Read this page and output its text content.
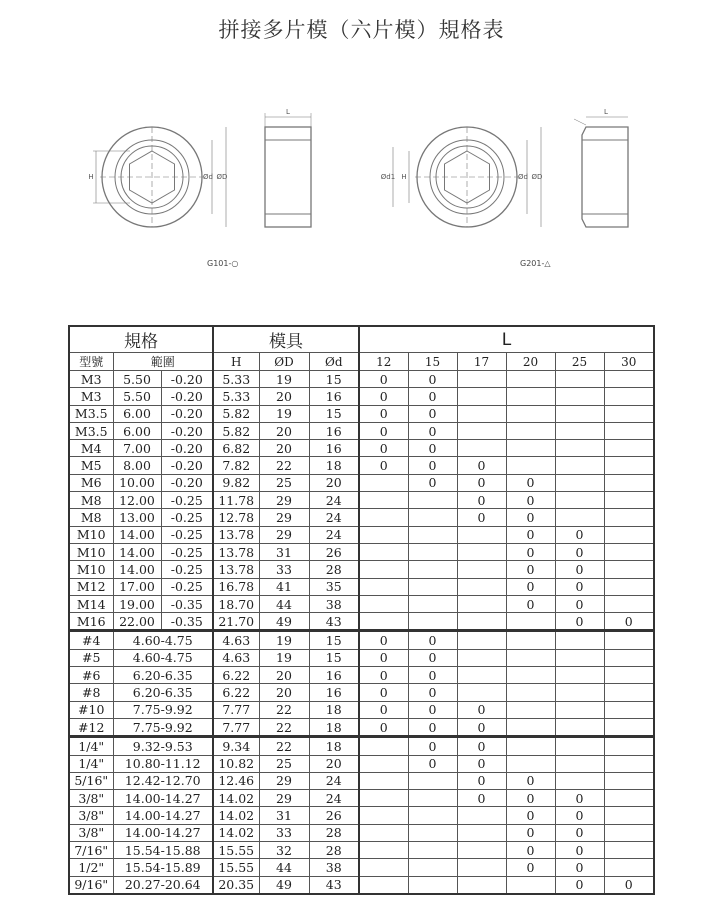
拼接多片模（六片模）規格表
H	Ød ØD
L
Ød1 H	Ød ØD
L
G101-○	G201-△
規格			模具			L					
型號	範圍		H	ØD	Ød	12	15	17	20	25	30
M3	5.50	-0.20	5.33	19	15	0	0				
M3	5.50	-0.20	5.33	20	16	0	0				
M3.5	6.00	-0.20	5.82	19	15	0	0				
M3.5	6.00	-0.20	5.82	20	16	0	0				
M4	7.00	-0.20	6.82	20	16	0	0				
M5	8.00	-0.20	7.82	22	18	0	0	0			
M6	10.00	-0.20	9.82	25	20		0	0	0		
M8	12.00	-0.25	11.78	29	24			0	0		
M8	13.00	-0.25	12.78	29	24			0	0		
M10	14.00	-0.25	13.78	29	24				0	0	
M10	14.00	-0.25	13.78	31	26				0	0	
M10	14.00	-0.25	13.78	33	28				0	0	
M12	17.00	-0.25	16.78	41	35				0	0	
M14	19.00	-0.35	18.70	44	38				0	0	
M16	22.00	-0.35	21.70	49	43					0	0
#4	4.60-4.75		4.63	19	15	0	0				
#5	4.60-4.75		4.63	19	15	0	0				
#6	6.20-6.35		6.22	20	16	0	0				
#8	6.20-6.35		6.22	20	16	0	0				
#10	7.75-9.92		7.77	22	18	0	0	0			
#12	7.75-9.92		7.77	22	18	0	0	0			
1/4"	9.32-9.53		9.34	22	18		0	0			
1/4"	10.80-11.12		10.82	25	20		0	0			
5/16"	12.42-12.70		12.46	29	24			0	0		
3/8"	14.00-14.27		14.02	29	24			0	0	0	
3/8"	14.00-14.27		14.02	31	26				0	0	
3/8"	14.00-14.27		14.02	33	28				0	0	
7/16"	15.54-15.88		15.55	32	28				0	0	
1/2"	15.54-15.89		15.55	44	38				0	0	
9/16"	20.27-20.64		20.35	49	43					0	0
